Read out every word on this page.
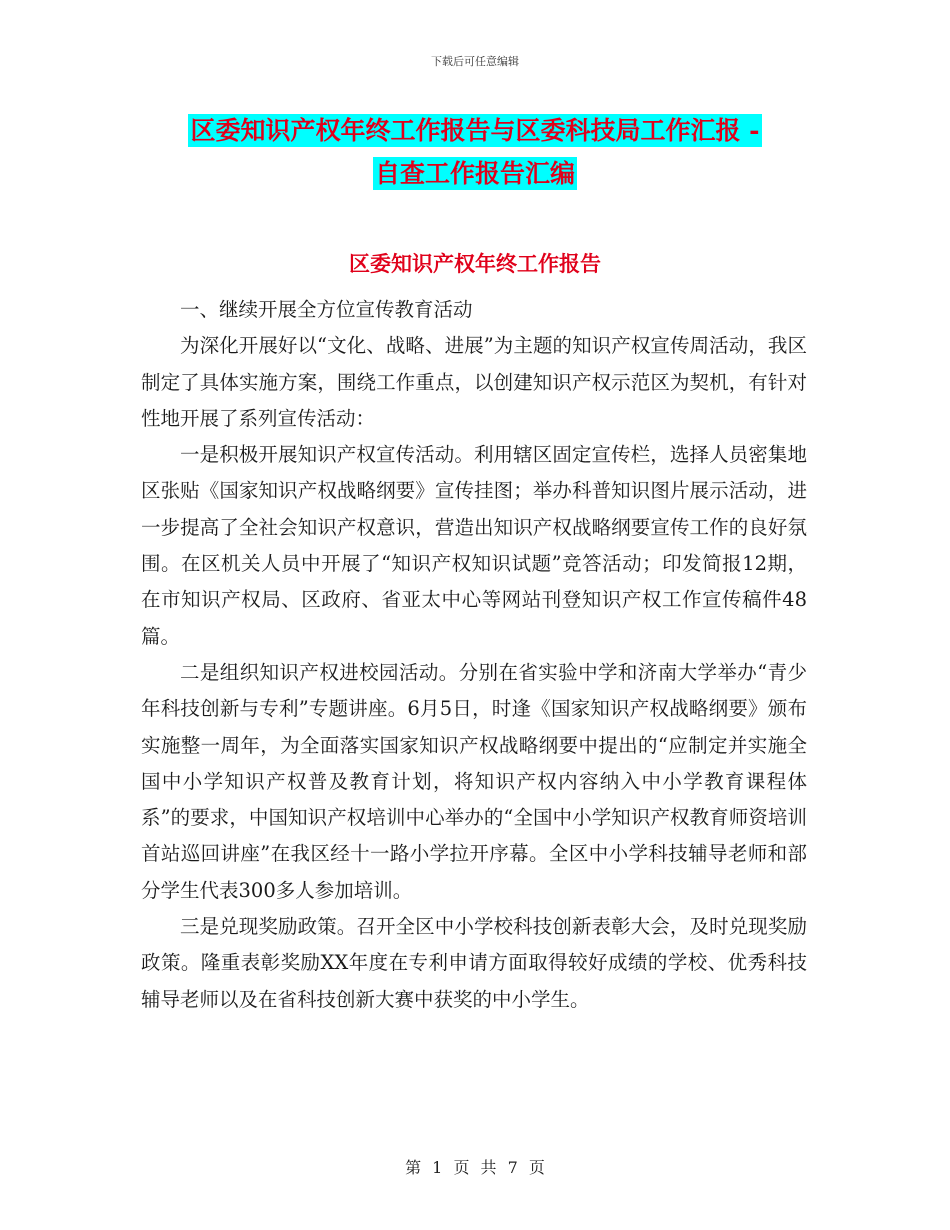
下载后可任意编辑
区委知识产权年终工作报告与区委科技局工作汇报 -
自查工作报告汇编
区委知识产权年终工作报告

一、继续开展全方位宣传教育活动

为深化开展好以“文化、战略、进展”为主题的知识产权宣传周活动，我区制定了具体实施方案，围绕工作重点，以创建知识产权示范区为契机，有针对性地开展了系列宣传活动：

一是积极开展知识产权宣传活动。利用辖区固定宣传栏，选择人员密集地区张贴《国家知识产权战略纲要》宣传挂图；举办科普知识图片展示活动，进一步提高了全社会知识产权意识，营造出知识产权战略纲要宣传工作的良好氛围。在区机关人员中开展了“知识产权知识试题”竞答活动；印发简报12期，在市知识产权局、区政府、省亚太中心等网站刊登知识产权工作宣传稿件48篇。

二是组织知识产权进校园活动。分别在省实验中学和济南大学举办“青少年科技创新与专利”专题讲座。6月5日，时逢《国家知识产权战略纲要》颁布实施整一周年，为全面落实国家知识产权战略纲要中提出的“应制定并实施全国中小学知识产权普及教育计划，将知识产权内容纳入中小学教育课程体系”的要求，中国知识产权培训中心举办的“全国中小学知识产权教育师资培训首站巡回讲座”在我区经十一路小学拉开序幕。全区中小学科技辅导老师和部分学生代表300多人参加培训。

三是兑现奖励政策。召开全区中小学校科技创新表彰大会，及时兑现奖励政策。隆重表彰奖励XX年度在专利申请方面取得较好成绩的学校、优秀科技辅导老师以及在省科技创新大赛中获奖的中小学生。

第 1 页 共 7 页
